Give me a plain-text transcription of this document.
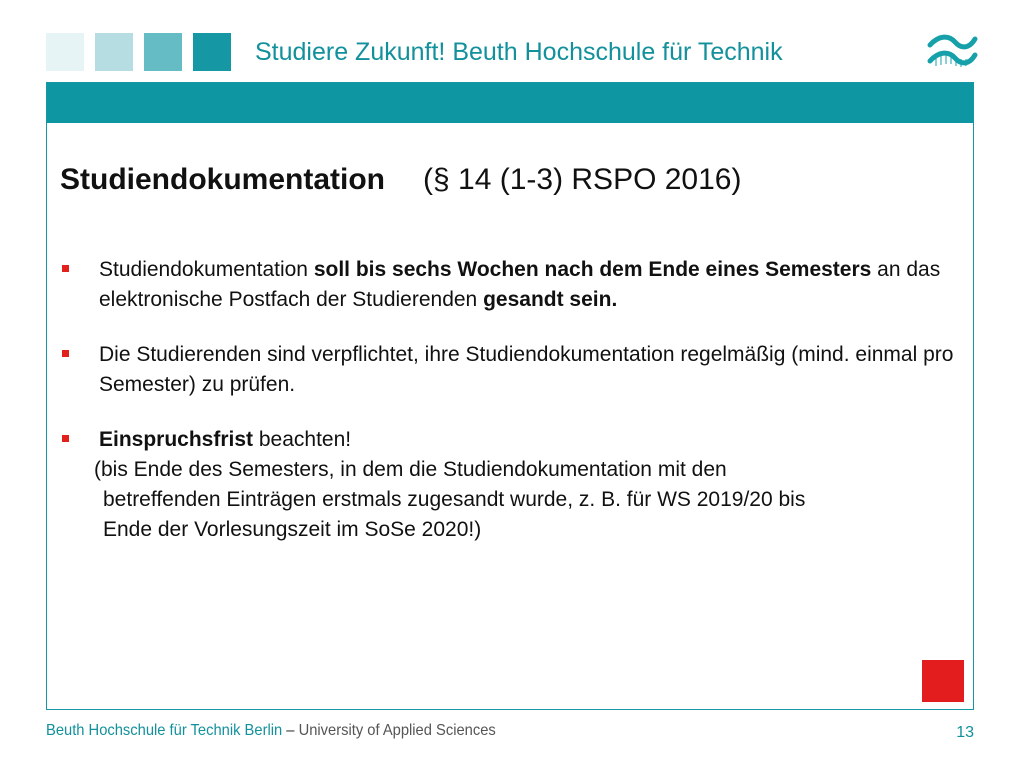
Studiere Zukunft! Beuth Hochschule für Technik
Studiendokumentation (§ 14 (1-3) RSPO 2016)
Studiendokumentation soll bis sechs Wochen nach dem Ende eines Semesters an das elektronische Postfach der Studierenden gesandt sein.
Die Studierenden sind verpflichtet, ihre Studiendokumentation regelmäßig (mind. einmal pro Semester) zu prüfen.
Einspruchsfrist beachten!
(bis Ende des Semesters, in dem die Studiendokumentation mit den
betreffenden Einträgen erstmals zugesandt wurde, z. B. für WS 2019/20 bis
Ende der Vorlesungszeit im SoSe 2020!)
Beuth Hochschule für Technik Berlin – University of Applied Sciences	13
